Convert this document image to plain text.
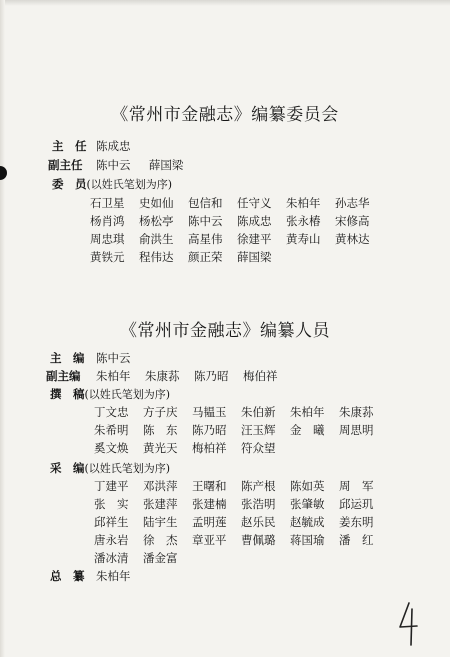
《常州市金融志》编纂委员会
主　任 陈成忠
副主任 陈中云 薛国梁
委　员(以姓氏笔划为序)
石卫星 史如仙 包信和 任守义 朱柏年 孙志华
杨肖鸿 杨松亭 陈中云 陈成忠 张永椿 宋修高
周忠琪 俞洪生 高星伟 徐建平 黄寿山 黄林达
黄铁元 程伟达 颜正荣 薛国梁
《常州市金融志》编纂人员
主　编 陈中云
副主编 朱柏年 朱康荪 陈乃昭 梅伯祥
撰　稿(以姓氏笔划为序)
丁文忠 方子庆 马韫玉 朱伯新 朱柏年 朱康荪
朱希明 陈　东 陈乃昭 汪玉辉 金　曦 周思明
奚文焕 黄光天 梅柏祥 符众望
采　编(以姓氏笔划为序)
丁建平 邓洪萍 王曙和 陈产根 陈如英 周　军
张　实 张建萍 张建楠 张浩明 张肇敏 邱运玑
邱祥生 陆宇生 孟明莲 赵乐民 赵毓成 姜东明
唐永岩 徐　杰 章亚平 曹佩璐 蒋国瑜 潘　红
潘冰清 潘金富
总　纂 朱柏年
